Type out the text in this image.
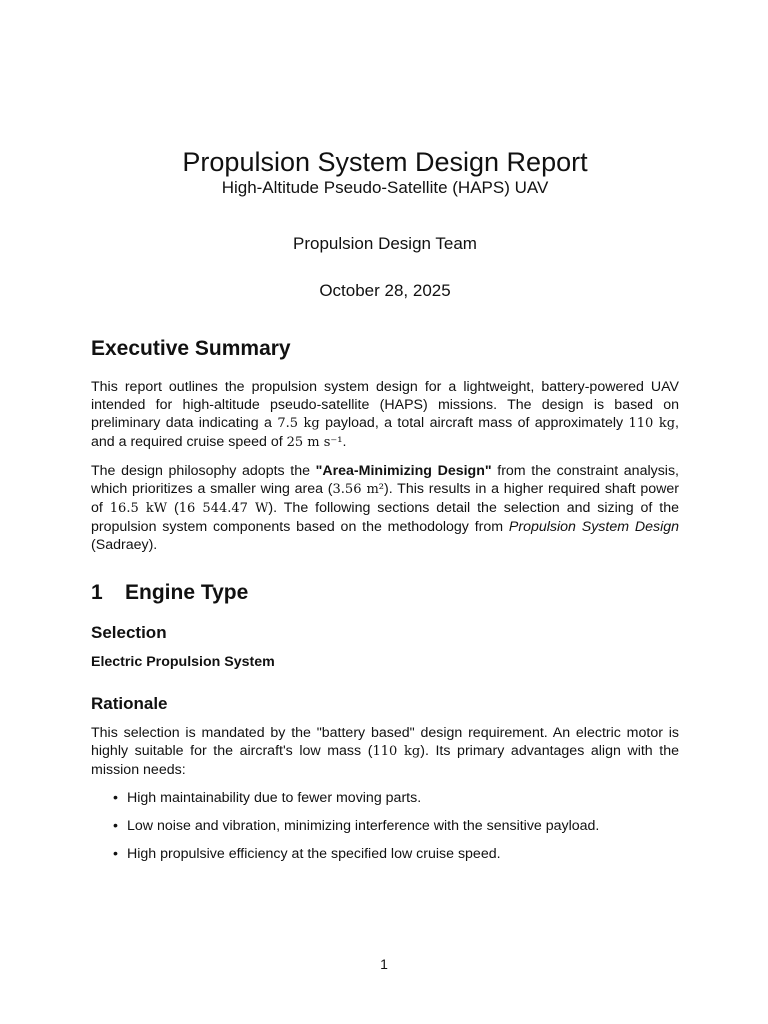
Propulsion System Design Report
High-Altitude Pseudo-Satellite (HAPS) UAV
Propulsion Design Team
October 28, 2025
Executive Summary

This report outlines the propulsion system design for a lightweight, battery-powered UAV intended for high-altitude pseudo-satellite (HAPS) missions. The design is based on preliminary data indicating a 7.5 kg payload, a total aircraft mass of approximately 110 kg, and a required cruise speed of 25 m s⁻¹.

The design philosophy adopts the "Area-Minimizing Design" from the constraint analysis, which prioritizes a smaller wing area (3.56 m²). This results in a higher required shaft power of 16.5 kW (16 544.47 W). The following sections detail the selection and sizing of the propulsion system components based on the methodology from Propulsion System Design (Sadraey).

1 Engine Type
Selection

Electric Propulsion System

Rationale

This selection is mandated by the "battery based" design requirement. An electric motor is highly suitable for the aircraft's low mass (110 kg). Its primary advantages align with the mission needs:

• High maintainability due to fewer moving parts.
• Low noise and vibration, minimizing interference with the sensitive payload.
• High propulsive efficiency at the specified low cruise speed.
1
